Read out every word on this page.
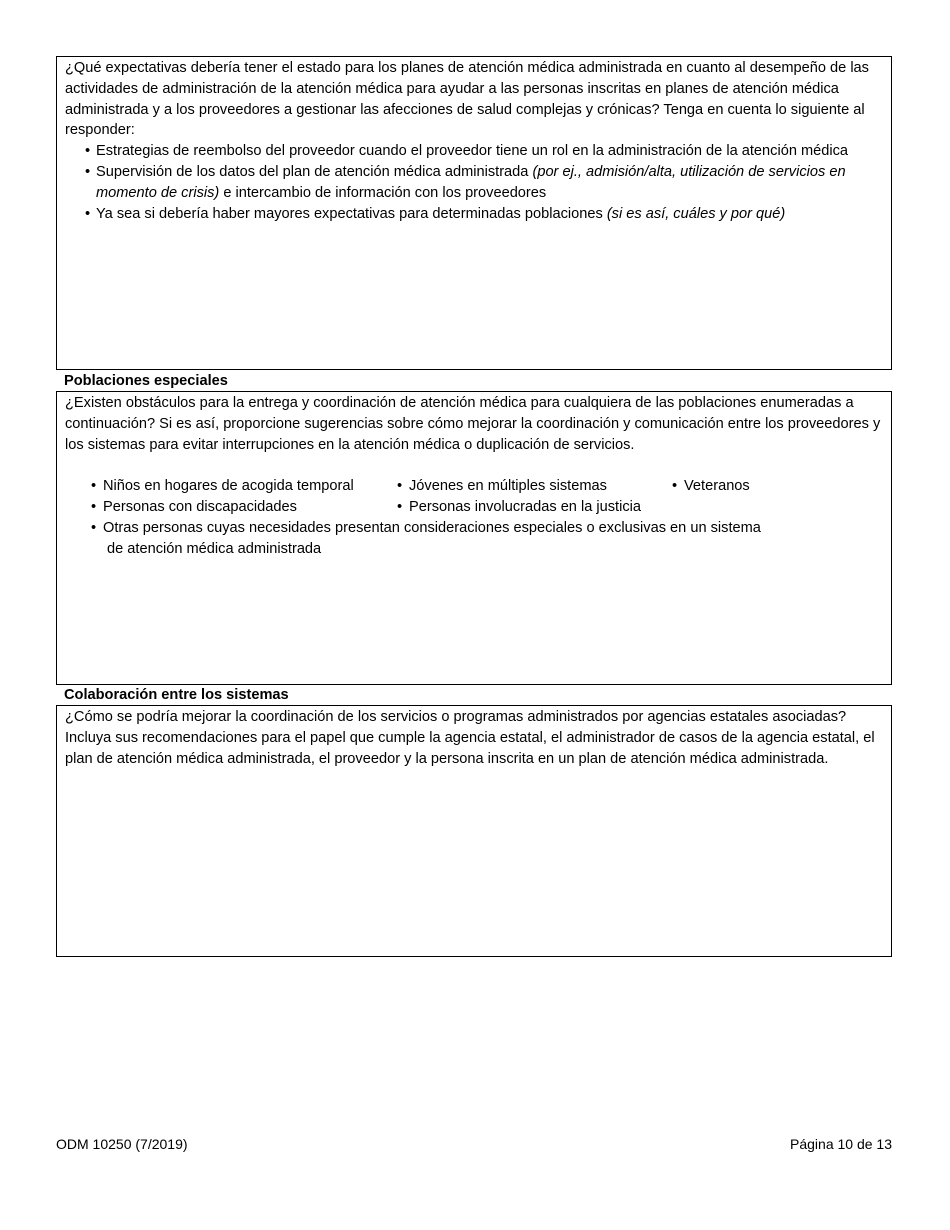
¿Qué expectativas debería tener el estado para los planes de atención médica administrada en cuanto al desempeño de las actividades de administración de la atención médica para ayudar a las personas inscritas en planes de atención médica administrada y a los proveedores a gestionar las afecciones de salud complejas y crónicas? Tenga en cuenta lo siguiente al responder:

• Estrategias de reembolso del proveedor cuando el proveedor tiene un rol en la administración de la atención médica
• Supervisión de los datos del plan de atención médica administrada (por ej., admisión/alta, utilización de servicios en momento de crisis) e intercambio de información con los proveedores
• Ya sea si debería haber mayores expectativas para determinadas poblaciones (si es así, cuáles y por qué)
Poblaciones especiales

¿Existen obstáculos para la entrega y coordinación de atención médica para cualquiera de las poblaciones enumeradas a continuación? Si es así, proporcione sugerencias sobre cómo mejorar la coordinación y comunicación entre los proveedores y los sistemas para evitar interrupciones en la atención médica o duplicación de servicios.

• Niños en hogares de acogida temporal	• Jóvenes en múltiples sistemas	• Veteranos
• Personas con discapacidades	• Personas involucradas en la justicia
• Otras personas cuyas necesidades presentan consideraciones especiales o exclusivas en un sistema
de atención médica administrada
Colaboración entre los sistemas

¿Cómo se podría mejorar la coordinación de los servicios o programas administrados por agencias estatales asociadas? Incluya sus recomendaciones para el papel que cumple la agencia estatal, el administrador de casos de la agencia estatal, el plan de atención médica administrada, el proveedor y la persona inscrita en un plan de atención médica administrada.

ODM 10250 (7/2019)	Página 10 de 13
